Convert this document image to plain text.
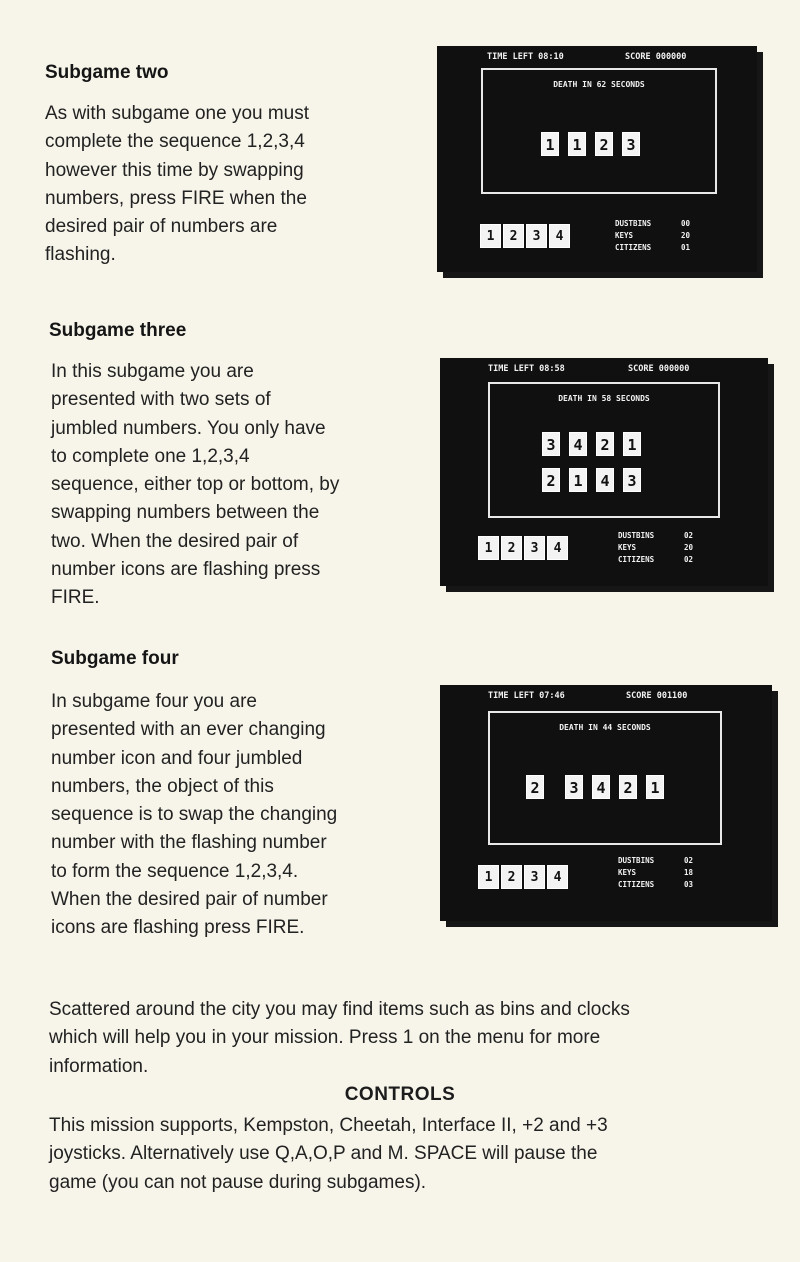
Subgame two
As with subgame one you must
complete the sequence 1,2,3,4
however this time by swapping
numbers, press FIRE when the
desired pair of numbers are
flashing.
TIME LEFT 08:10	SCORE 000000
DEATH IN 62 SECONDS
1 1 2 3
1	2	3	4
DUSTBINS	00
KEYS	20
CITIZENS	01
Subgame three
In this subgame you are
presented with two sets of
jumbled numbers. You only have
to complete one 1,2,3,4
sequence, either top or bottom, by
swapping numbers between the
two. When the desired pair of
number icons are flashing press
FIRE.
TIME LEFT 08:58	SCORE 000000
DEATH IN 58 SECONDS
3 4 2 1
2 1 4 3
1	2	3	4
DUSTBINS	02
KEYS	20
CITIZENS	02
Subgame four
In subgame four you are
presented with an ever changing
number icon and four jumbled
numbers, the object of this
sequence is to swap the changing
number with the flashing number
to form the sequence 1,2,3,4.
When the desired pair of number
icons are flashing press FIRE.
TIME LEFT 07:46	SCORE 001100
DEATH IN 44 SECONDS
2 3 4 2 1
1	2	3	4
DUSTBINS	02
KEYS	18
CITIZENS	03
Scattered around the city you may find items such as bins and clocks
which will help you in your mission. Press 1 on the menu for more
information.
CONTROLS
This mission supports, Kempston, Cheetah, Interface II, +2 and +3
joysticks. Alternatively use Q,A,O,P and M. SPACE will pause the
game (you can not pause during subgames).
